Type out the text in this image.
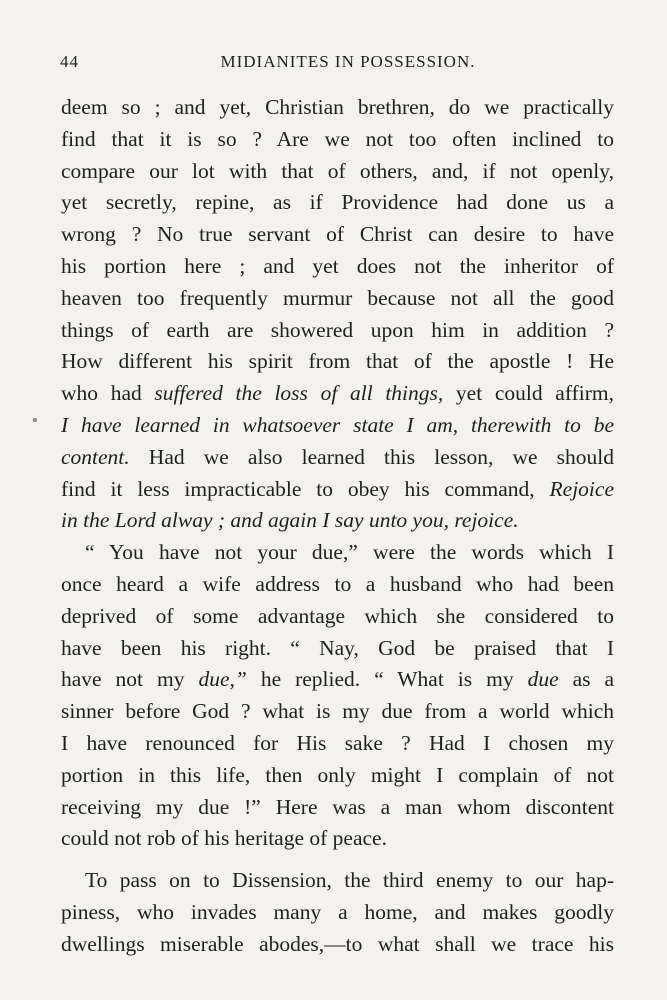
44	MIDIANITES IN POSSESSION.
deem so ; and yet, Christian brethren, do we practically
find that it is so ? Are we not too often inclined to
compare our lot with that of others, and, if not openly,
yet secretly, repine, as if Providence had done us a
wrong ? No true servant of Christ can desire to have
his portion here ; and yet does not the inheritor of
heaven too frequently murmur because not all the good
things of earth are showered upon him in addition ?
How different his spirit from that of the apostle ! He
who had suffered the loss of all things, yet could affirm,
I have learned in whatsoever state I am, therewith to be
content. Had we also learned this lesson, we should
find it less impracticable to obey his command, Rejoice
in the Lord alway ; and again I say unto you, rejoice.
“ You have not your due,” were the words which I
once heard a wife address to a husband who had been
deprived of some advantage which she considered to
have been his right. “ Nay, God be praised that I
have not my due,” he replied. “ What is my due as a
sinner before God ? what is my due from a world which
I have renounced for His sake ? Had I chosen my
portion in this life, then only might I complain of not
receiving my due !” Here was a man whom discontent
could not rob of his heritage of peace.
To pass on to Dissension, the third enemy to our hap-
piness, who invades many a home, and makes goodly
dwellings miserable abodes,—to what shall we trace his
